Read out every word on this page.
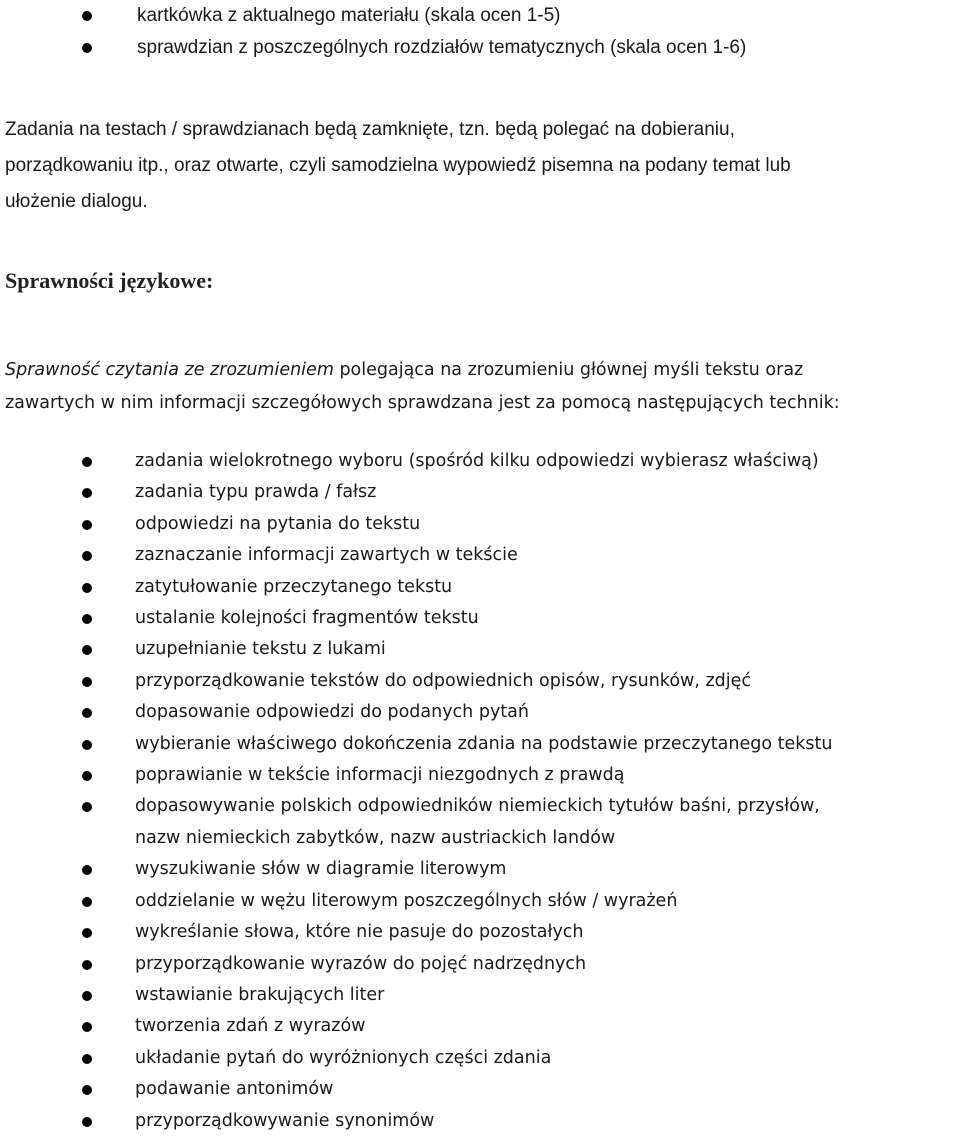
kartkówka z aktualnego materiału (skala ocen 1-5)
sprawdzian z poszczególnych rozdziałów tematycznych (skala ocen 1-6)

Zadania na testach / sprawdzianach będą zamknięte, tzn. będą polegać na dobieraniu,
porządkowaniu itp., oraz otwarte, czyli samodzielna wypowiedź pisemna na podany temat lub
ułożenie dialogu.

Sprawności językowe:

Sprawność czytania ze zrozumieniem polegająca na zrozumieniu głównej myśli tekstu oraz
zawartych w nim informacji szczegółowych sprawdzana jest za pomocą następujących technik:

zadania wielokrotnego wyboru (spośród kilku odpowiedzi wybierasz właściwą)
zadania typu prawda / fałsz
odpowiedzi na pytania do tekstu
zaznaczanie informacji zawartych w tekście
zatytułowanie przeczytanego tekstu
ustalanie kolejności fragmentów tekstu
uzupełnianie tekstu z lukami
przyporządkowanie tekstów do odpowiednich opisów, rysunków, zdjęć
dopasowanie odpowiedzi do podanych pytań
wybieranie właściwego dokończenia zdania na podstawie przeczytanego tekstu
poprawianie w tekście informacji niezgodnych z prawdą
dopasowywanie polskich odpowiedników niemieckich tytułów baśni, przysłów,
nazw niemieckich zabytków, nazw austriackich landów
wyszukiwanie słów w diagramie literowym
oddzielanie w wężu literowym poszczególnych słów / wyrażeń
wykreślanie słowa, które nie pasuje do pozostałych
przyporządkowanie wyrazów do pojęć nadrzędnych
wstawianie brakujących liter
tworzenia zdań z wyrazów
układanie pytań do wyróżnionych części zdania
podawanie antonimów
przyporządkowywanie synonimów
